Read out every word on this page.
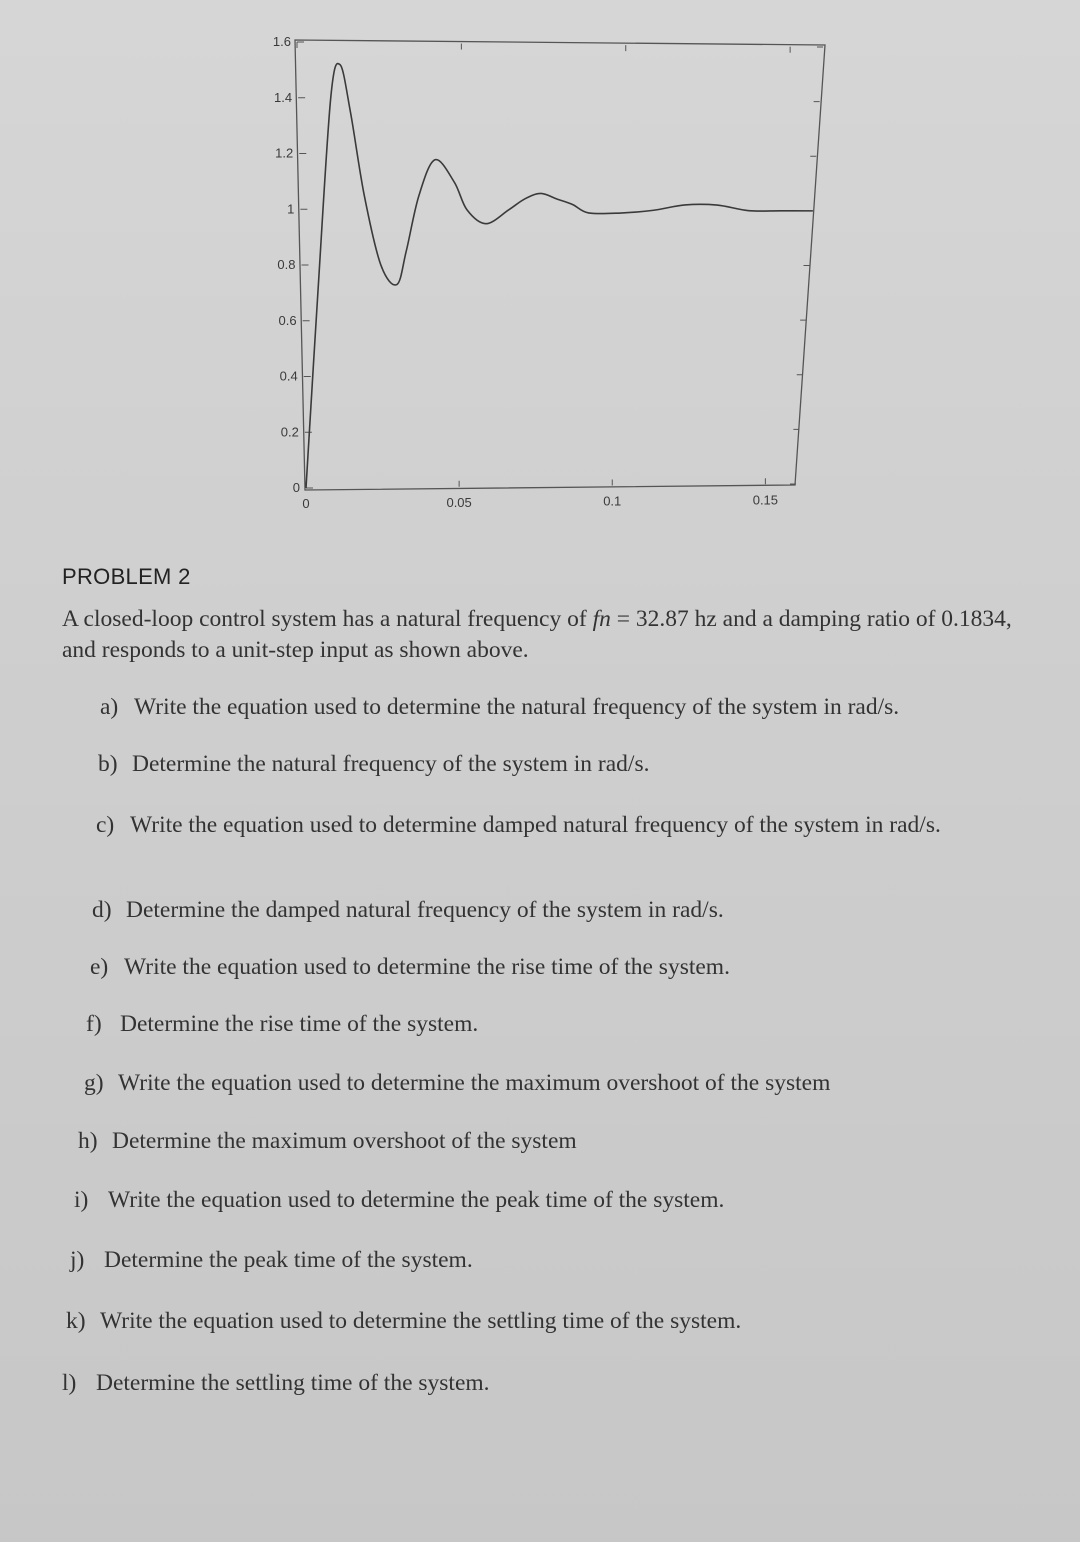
0
0.2
0.4
0.6
0.8
1
1.2
1.4
1.6
0	0.05	0.1	0.15
PROBLEM 2
A closed-loop control system has a natural frequency of fn = 32.87 hz and a damping ratio of 0.1834, and responds to a unit-step input as shown above.
a) Write the equation used to determine the natural frequency of the system in rad/s.
b) Determine the natural frequency of the system in rad/s.
c) Write the equation used to determine damped natural frequency of the system in rad/s.
d) Determine the damped natural frequency of the system in rad/s.
e) Write the equation used to determine the rise time of the system.
f) Determine the rise time of the system.
g) Write the equation used to determine the maximum overshoot of the system
h) Determine the maximum overshoot of the system
i) Write the equation used to determine the peak time of the system.
j) Determine the peak time of the system.
k) Write the equation used to determine the settling time of the system.
l) Determine the settling time of the system.
